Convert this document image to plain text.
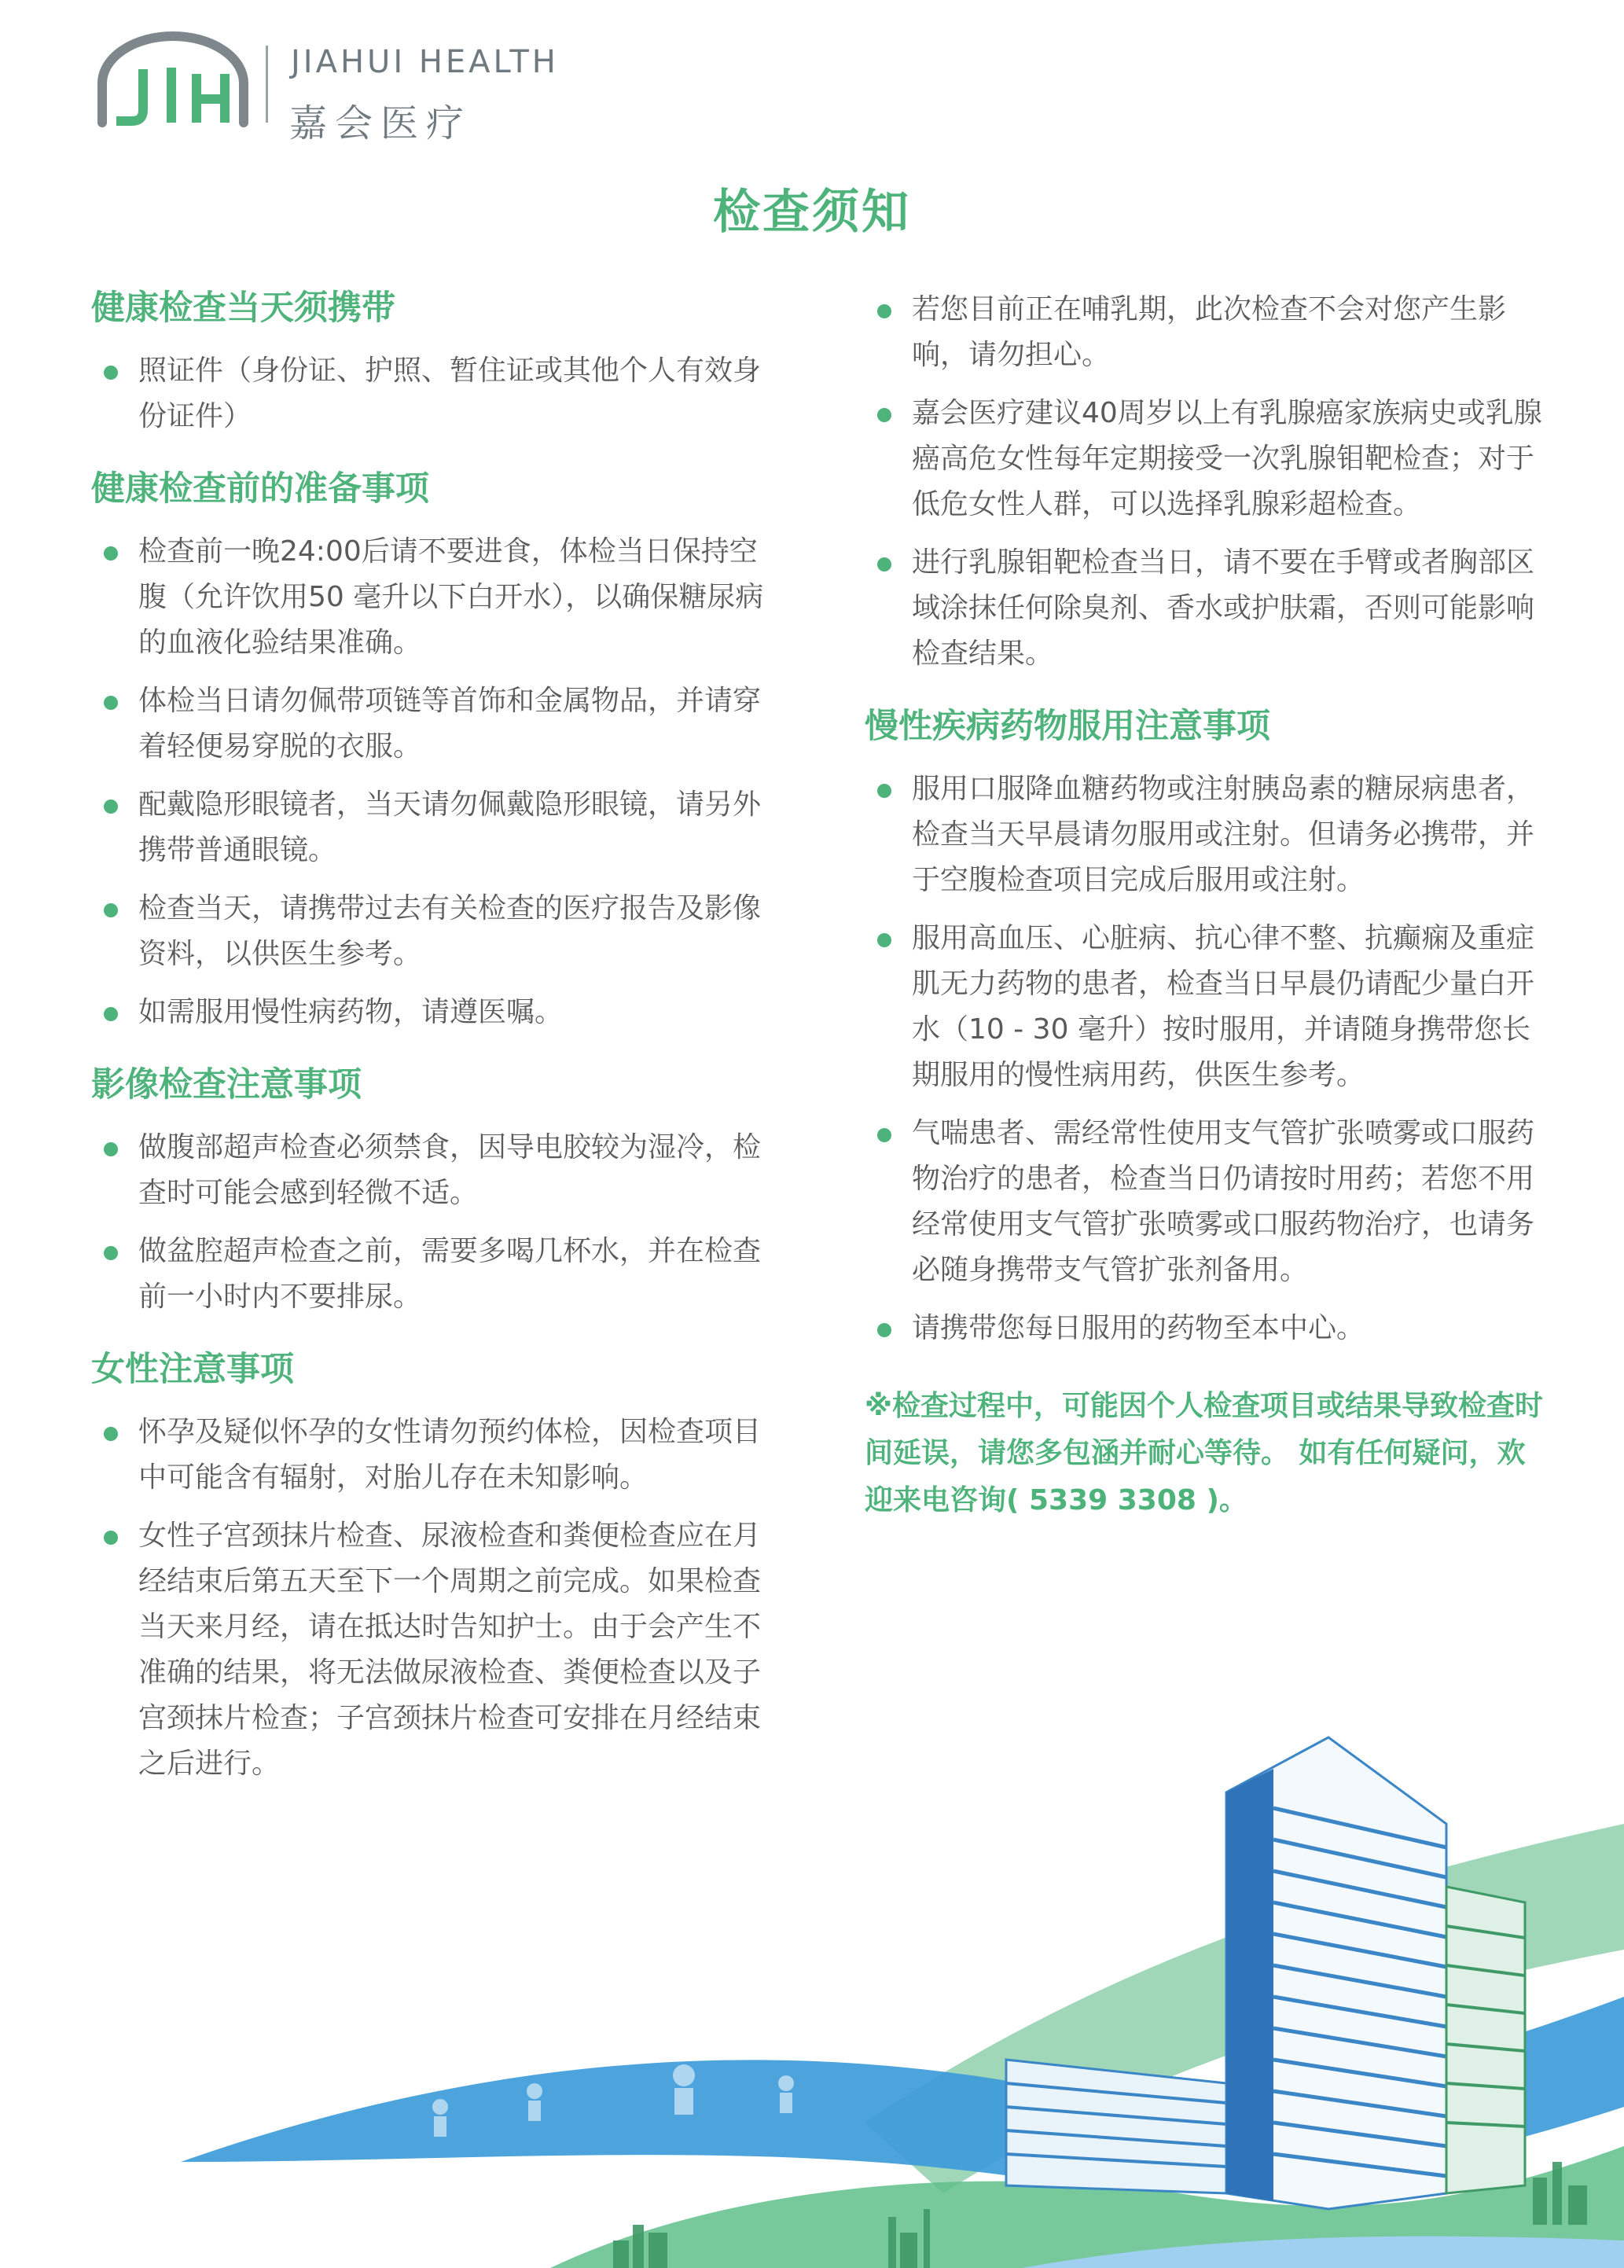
JIAHUI HEALTH
嘉会医疗
检查须知
健康检查当天须携带
照证件（身份证、护照、暂住证或其他个人有效身份证件）
健康检查前的准备事项
检查前一晚24:00后请不要进食，体检当日保持空腹（允许饮用50 毫升以下白开水），以确保糖尿病的血液化验结果准确。
体检当日请勿佩带项链等首饰和金属物品，并请穿着轻便易穿脱的衣服。
配戴隐形眼镜者，当天请勿佩戴隐形眼镜，请另外携带普通眼镜。
检查当天，请携带过去有关检查的医疗报告及影像资料，以供医生参考。
如需服用慢性病药物，请遵医嘱。
影像检查注意事项
做腹部超声检查必须禁食，因导电胶较为湿冷，检查时可能会感到轻微不适。
做盆腔超声检查之前，需要多喝几杯水，并在检查前一小时内不要排尿。
女性注意事项
怀孕及疑似怀孕的女性请勿预约体检，因检查项目中可能含有辐射，对胎儿存在未知影响。
女性子宫颈抹片检查、尿液检查和粪便检查应在月经结束后第五天至下一个周期之前完成。如果检查当天来月经，请在抵达时告知护士。由于会产生不准确的结果，将无法做尿液检查、粪便检查以及子宫颈抹片检查；子宫颈抹片检查可安排在月经结束之后进行。
若您目前正在哺乳期，此次检查不会对您产生影响，请勿担心。
嘉会医疗建议40周岁以上有乳腺癌家族病史或乳腺癌高危女性每年定期接受一次乳腺钼靶检查；对于低危女性人群，可以选择乳腺彩超检查。
进行乳腺钼靶检查当日，请不要在手臂或者胸部区域涂抹任何除臭剂、香水或护肤霜，否则可能影响检查结果。
慢性疾病药物服用注意事项
服用口服降血糖药物或注射胰岛素的糖尿病患者，检查当天早晨请勿服用或注射。但请务必携带，并于空腹检查项目完成后服用或注射。
服用高血压、心脏病、抗心律不整、抗癫痫及重症肌无力药物的患者，检查当日早晨仍请配少量白开水（10 - 30 毫升）按时服用，并请随身携带您长期服用的慢性病用药，供医生参考。
气喘患者、需经常性使用支气管扩张喷雾或口服药物治疗的患者，检查当日仍请按时用药；若您不用经常使用支气管扩张喷雾或口服药物治疗，也请务必随身携带支气管扩张剂备用。
请携带您每日服用的药物至本中心。
※检查过程中，可能因个人检查项目或结果导致检查时间延误，请您多包涵并耐心等待。 如有任何疑问，欢迎来电咨询( 5339 3308 )。
